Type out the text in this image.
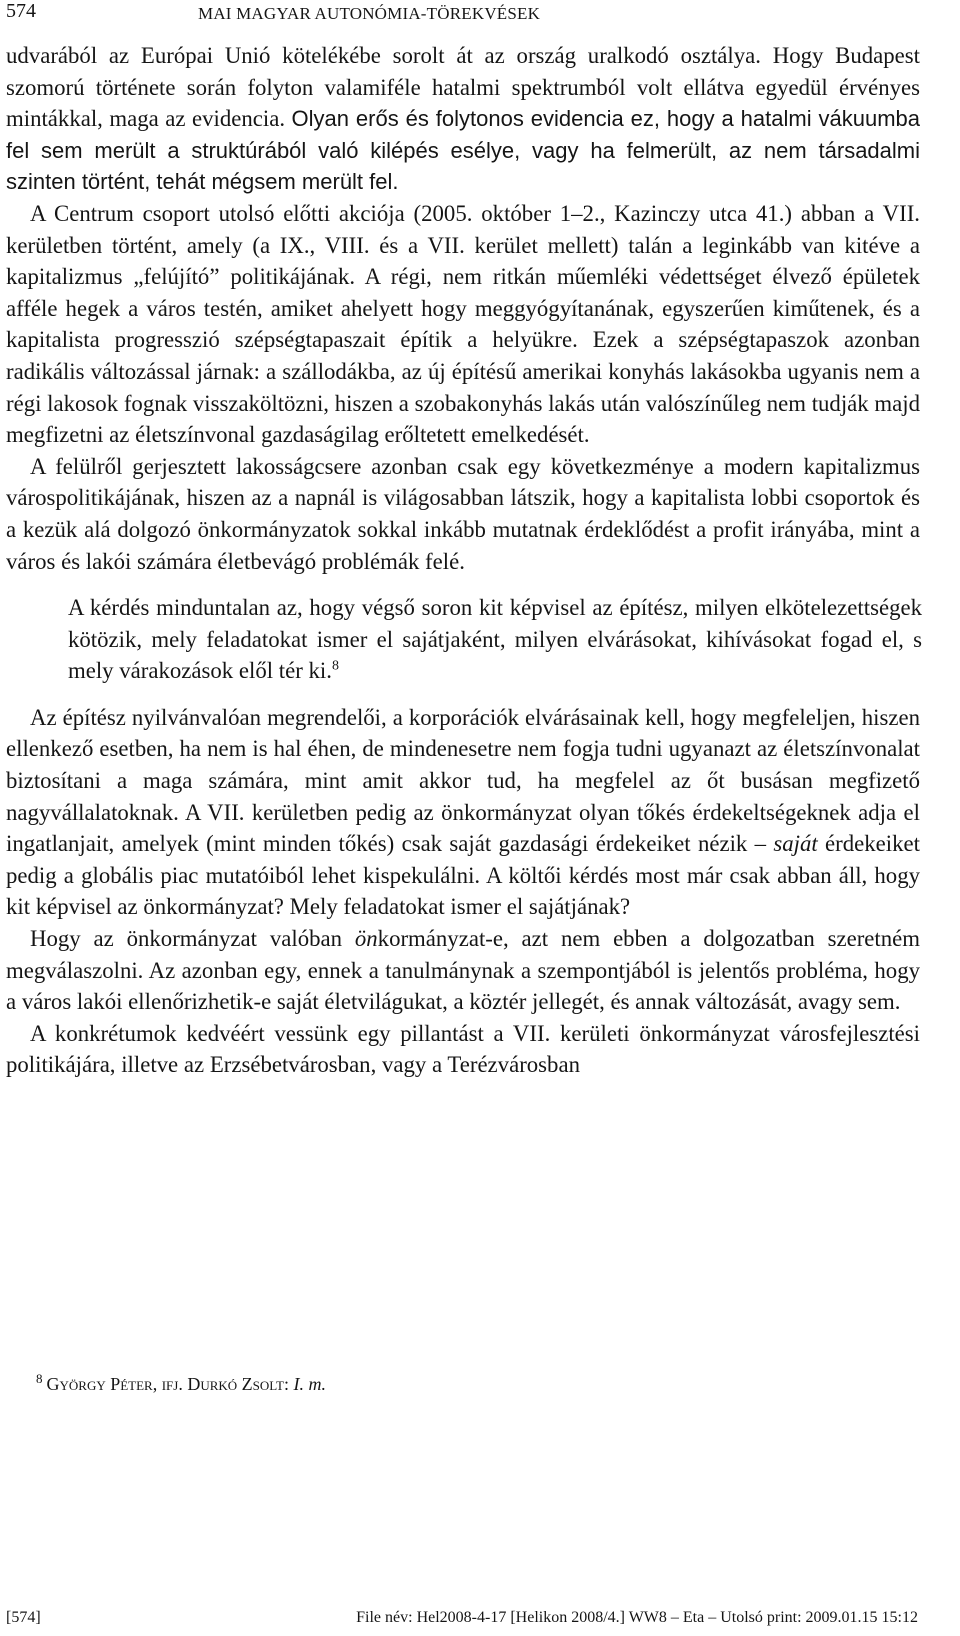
574	MAI MAGYAR AUTONÓMIA-TÖREKVÉSEK

udvarából az Európai Unió kötelékébe sorolt át az ország uralkodó osztálya. Hogy Budapest szomorú története során folyton valamiféle hatalmi spektrumból volt ellátva egyedül érvényes mintákkal, maga az evidencia. Olyan erős és folytonos evidencia ez, hogy a hatalmi vákuumba fel sem merült a struktúrából való kilépés esélye, vagy ha felmerült, az nem társadalmi szinten történt, tehát mégsem merült fel.

A Centrum csoport utolsó előtti akciója (2005. október 1–2., Kazinczy utca 41.) abban a VII. kerületben történt, amely (a IX., VIII. és a VII. kerület mellett) talán a leginkább van kitéve a kapitalizmus „felújító” politikájának. A régi, nem ritkán műemléki védettséget élvező épületek afféle hegek a város testén, amiket ahelyett hogy meggyógyítanának, egyszerűen kiműtenek, és a kapitalista progresszió szépségtapaszait építik a helyükre. Ezek a szépségtapaszok azonban radikális változással járnak: a szállodákba, az új építésű amerikai konyhás lakásokba ugyanis nem a régi lakosok fognak visszaköltözni, hiszen a szobakonyhás lakás után valószínűleg nem tudják majd megfizetni az életszínvonal gazdaságilag erőltetett emelkedését.

A felülről gerjesztett lakosságcsere azonban csak egy következménye a modern kapitalizmus várospolitikájának, hiszen az a napnál is világosabban látszik, hogy a kapitalista lobbi csoportok és a kezük alá dolgozó önkormányzatok sokkal inkább mutatnak érdeklődést a profit irányába, mint a város és lakói számára életbevágó problémák felé.

A kérdés minduntalan az, hogy végső soron kit képvisel az építész, milyen elkötelezettségek kötözik, mely feladatokat ismer el sajátjaként, milyen elvárásokat, kihívásokat fogad el, s mely várakozások elől tér ki.$^8$

Az építész nyilvánvalóan megrendelői, a korporációk elvárásainak kell, hogy megfeleljen, hiszen ellenkező esetben, ha nem is hal éhen, de mindenesetre nem fogja tudni ugyanazt az életszínvonalat biztosítani a maga számára, mint amit akkor tud, ha megfelel az őt busásan megfizető nagyvállalatoknak. A VII. kerületben pedig az önkormányzat olyan tőkés érdekeltségeknek adja el ingatlanjait, amelyek (mint minden tőkés) csak saját gazdasági érdekeiket nézik – saját érdekeiket pedig a globális piac mutatóiból lehet kispekulálni. A költői kérdés most már csak abban áll, hogy kit képvisel az önkormányzat? Mely feladatokat ismer el sajátjának?

Hogy az önkormányzat valóban önkormányzat-e, azt nem ebben a dolgozatban szeretném megválaszolni. Az azonban egy, ennek a tanulmánynak a szempontjából is jelentős probléma, hogy a város lakói ellenőrizhetik-e saját életvilágukat, a köztér jellegét, és annak változását, avagy sem.

A konkrétumok kedvéért vessünk egy pillantást a VII. kerületi önkormányzat városfejlesztési politikájára, illetve az Erzsébetvárosban, vagy a Terézvárosban

$^8$ György Péter, ifj. Durkó Zsolt: I. m.
[574]	File név: Hel2008-4-17 [Helikon 2008/4.] WW8 – Eta – Utolsó print: 2009.01.15 15:12
